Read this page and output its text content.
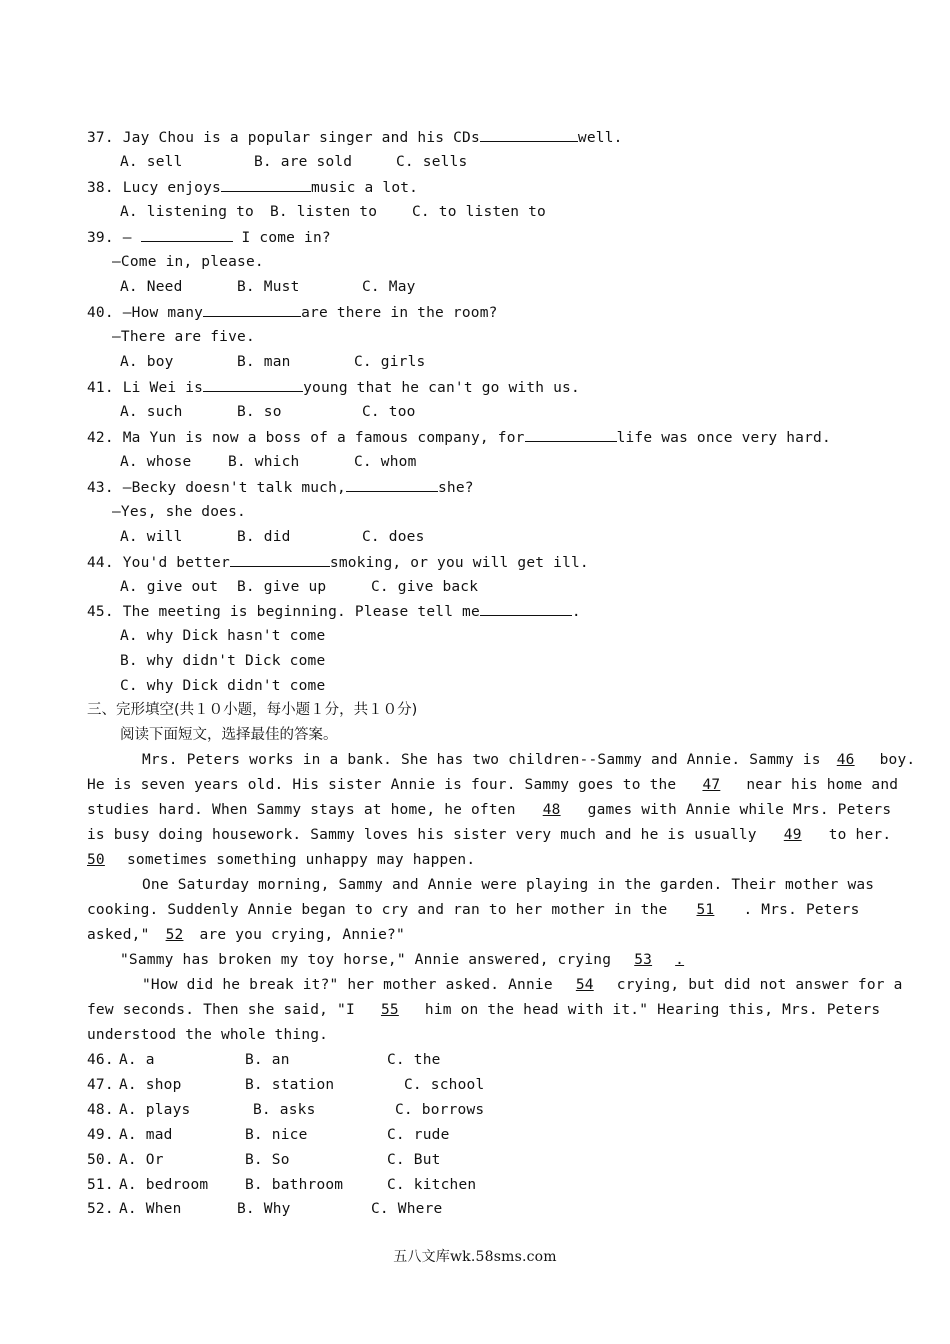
37. Jay Chou is a popular singer and his CDs	well.
A. sell	B. are sold	C. sells
38. Lucy enjoys	music a lot.
A. listening to B. listen to C. to listen to
39. —	I come in?
—Come in, please.
A. Need	B. Must	C. May
40. —How many	are there in the room?
—There are five.
A. boy	B. man	C. girls
41. Li Wei is	young that he can't go with us.
A. such	B. so	C. too
42. Ma Yun is now a boss of a famous company, for	life was once very hard.
A. whose	B. which	C. whom
43. —Becky doesn't talk much,	she?
—Yes, she does.
A. will	B. did	C. does
44. You'd better	smoking, or you will get ill.
A. give out B. give up	C. give back
45. The meeting is beginning. Please tell me	.
A. why Dick hasn't come
B. why didn't Dick come
C. why Dick didn't come
三、完形填空(共１０小题，每小题１分，共１０分)
阅读下面短文，选择最佳的答案。
Mrs. Peters works in a bank. She has two children--Sammy and Annie. Sammy is	46 boy.
He is seven years old. His sister Annie is four. Sammy goes to the 47 near his home and
studies hard. When Sammy stays at home, he often 48 games with Annie while Mrs. Peters
is busy doing housework. Sammy loves his sister very much and he is usually 49 to her.
50 sometimes something unhappy may happen.
One Saturday morning, Sammy and Annie were playing in the garden. Their mother was
cooking. Suddenly Annie began to cry and ran to her mother in the 51 . Mrs. Peters
asked," 52 are you crying, Annie?"
"Sammy has broken my toy horse," Annie answered, crying 53 .
"How did he break it?" her mother asked. Annie 54 crying, but did not answer for a
few seconds. Then she said, "I 55 him on the head with it." Hearing this, Mrs. Peters
understood the whole thing.
46. A. a	B. an	C. the
47. A. shop	B. station	C. school
48. A. plays	B. asks	C. borrows
49. A. mad	B. nice	C. rude
50. A. Or	B. So	C. But
51. A. bedroom	B. bathroom	C. kitchen
52. A. When	B. Why	C. Where
五八文库wk.58sms.com
